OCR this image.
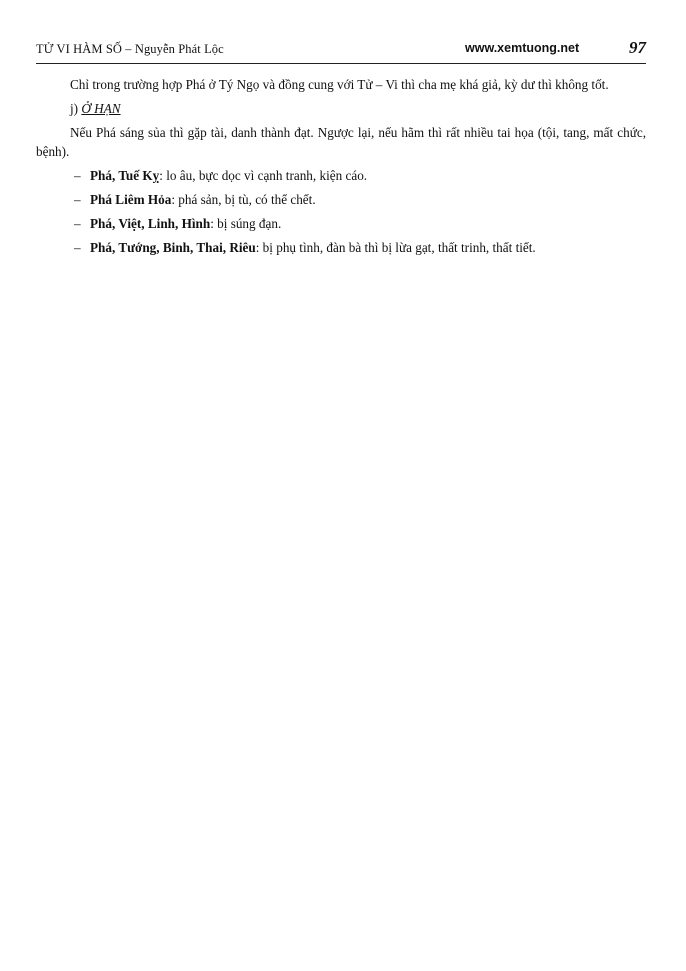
TỬ VI HÀM SỐ – Nguyễn Phát Lộc	www.xemtuong.net	97

Chỉ trong trường hợp Phá ở Tý Ngọ và đồng cung với Tử – Vi thì cha mẹ khá giả, kỳ dư thì không tốt.

j) Ở HẠN

Nếu Phá sáng sủa thì gặp tài, danh thành đạt. Ngược lại, nếu hãm thì rất nhiều tai họa (tội, tang, mất chức, bệnh).

– Phá, Tuế Kỵ: lo âu, bực dọc vì cạnh tranh, kiện cáo.
– Phá Liêm Hỏa: phá sản, bị tù, có thể chết.
– Phá, Việt, Linh, Hình: bị súng đạn.
– Phá, Tướng, Binh, Thai, Riêu: bị phụ tình, đàn bà thì bị lừa gạt, thất trinh, thất tiết.
